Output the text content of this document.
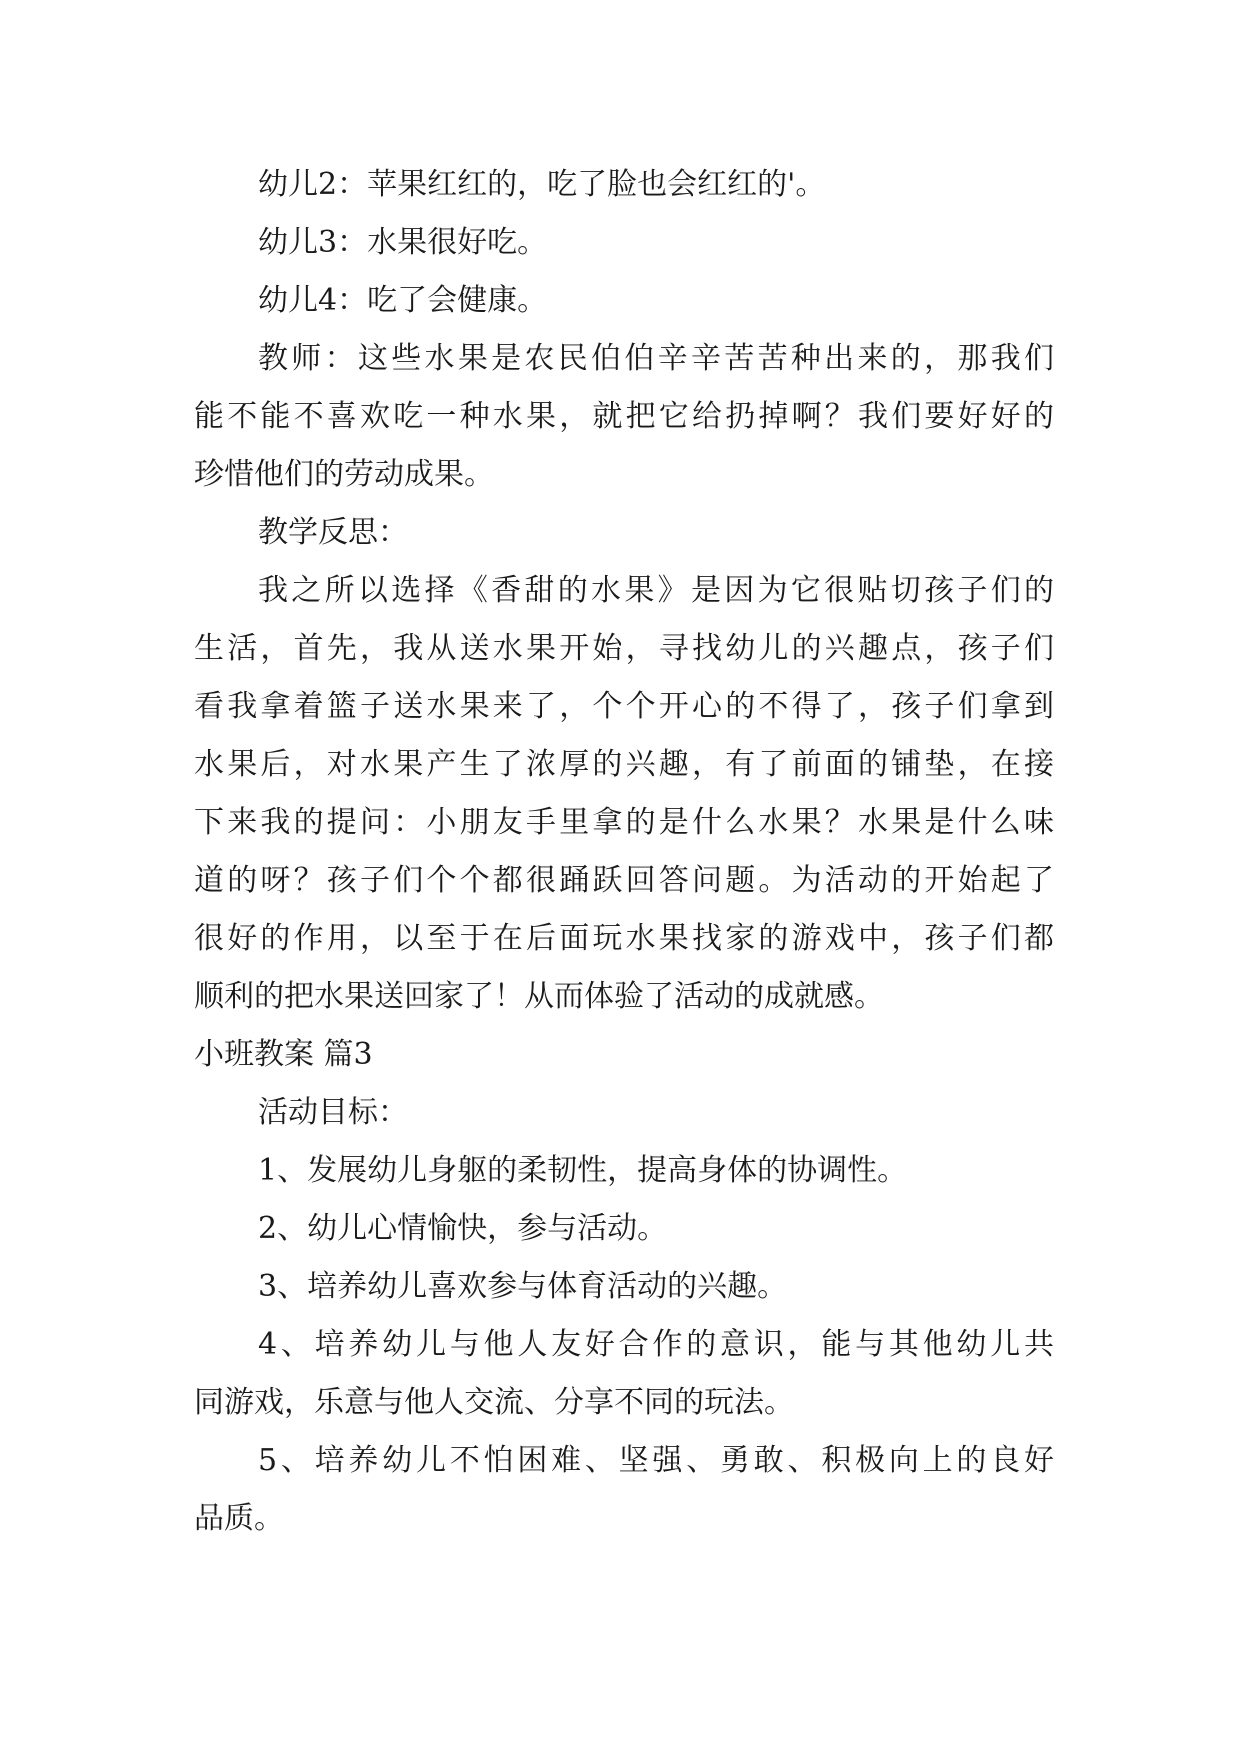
幼儿2：苹果红红的，吃了脸也会红红的'。
幼儿3：水果很好吃。
幼儿4：吃了会健康。
教师：这些水果是农民伯伯辛辛苦苦种出来的，那我们
能不能不喜欢吃一种水果，就把它给扔掉啊？我们要好好的
珍惜他们的劳动成果。
教学反思：
我之所以选择《香甜的水果》是因为它很贴切孩子们的
生活，首先，我从送水果开始，寻找幼儿的兴趣点，孩子们
看我拿着篮子送水果来了，个个开心的不得了，孩子们拿到
水果后，对水果产生了浓厚的兴趣，有了前面的铺垫，在接
下来我的提问：小朋友手里拿的是什么水果？水果是什么味
道的呀？孩子们个个都很踊跃回答问题。为活动的开始起了
很好的作用，以至于在后面玩水果找家的游戏中，孩子们都
顺利的把水果送回家了！从而体验了活动的成就感。
小班教案 篇3
活动目标：
1、发展幼儿身躯的柔韧性，提高身体的协调性。
2、幼儿心情愉快，参与活动。
3、培养幼儿喜欢参与体育活动的兴趣。
4、培养幼儿与他人友好合作的意识，能与其他幼儿共
同游戏，乐意与他人交流、分享不同的玩法。
5、培养幼儿不怕困难、坚强、勇敢、积极向上的良好
品质。
